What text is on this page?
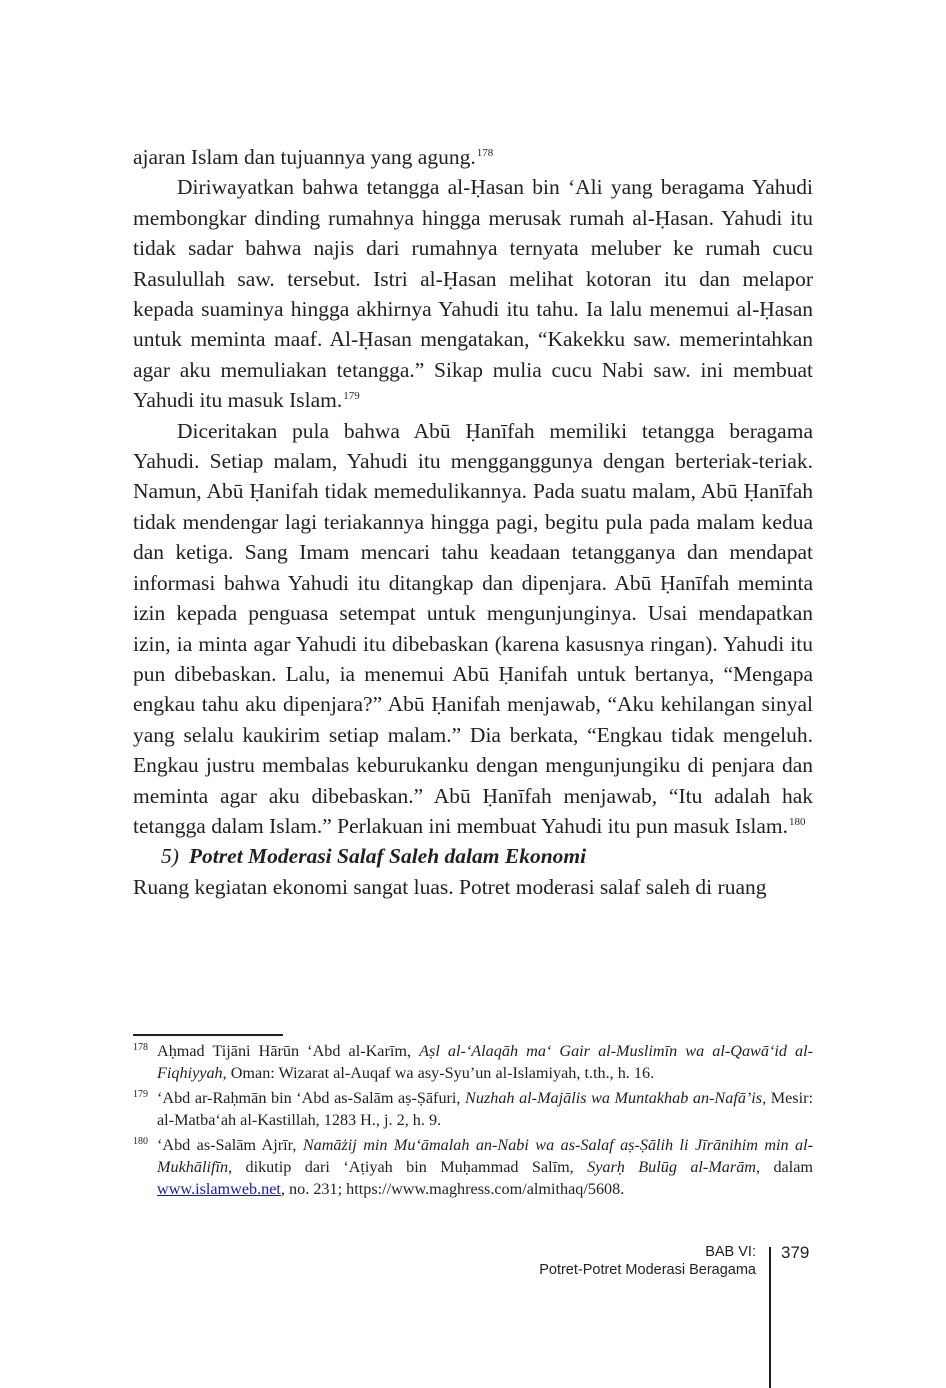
ajaran Islam dan tujuannya yang agung.$^{178}$

Diriwayatkan bahwa tetangga al-Ḥasan bin ‘Ali yang beragama Yahudi membongkar dinding rumahnya hingga merusak rumah al-Ḥasan. Yahudi itu tidak sadar bahwa najis dari rumahnya ternyata meluber ke rumah cucu Rasulullah saw. tersebut. Istri al-Ḥasan melihat kotoran itu dan melapor kepada suaminya hingga akhirnya Yahudi itu tahu. Ia lalu menemui al-Ḥasan untuk meminta maaf. Al-Ḥasan mengatakan, “Kakekku saw. memerintahkan agar aku memuliakan tetangga.” Sikap mulia cucu Nabi saw. ini membuat Yahudi itu masuk Islam.$^{179}$

Diceritakan pula bahwa Abū Ḥanīfah memiliki tetangga beragama Yahudi. Setiap malam, Yahudi itu mengganggunya dengan berteriak-teriak. Namun, Abū Ḥanifah tidak memedulikannya. Pada suatu malam, Abū Ḥanīfah tidak mendengar lagi teriakannya hingga pagi, begitu pula pada malam kedua dan ketiga. Sang Imam mencari tahu keadaan tetangganya dan mendapat informasi bahwa Yahudi itu ditangkap dan dipenjara. Abū Ḥanīfah meminta izin kepada penguasa setempat untuk mengunjunginya. Usai mendapatkan izin, ia minta agar Yahudi itu dibebaskan (karena kasusnya ringan). Yahudi itu pun dibebaskan. Lalu, ia menemui Abū Ḥanifah untuk bertanya, “Mengapa engkau tahu aku dipenjara?” Abū Ḥanifah menjawab, “Aku kehilangan sinyal yang selalu kaukirim setiap malam.” Dia berkata, “Engkau tidak mengeluh. Engkau justru membalas keburukanku dengan mengunjungiku di penjara dan meminta agar aku dibebaskan.” Abū Ḥanīfah menjawab, “Itu adalah hak tetangga dalam Islam.” Perlakuan ini membuat Yahudi itu pun masuk Islam.$^{180}$

5) Potret Moderasi Salaf Saleh dalam Ekonomi

Ruang kegiatan ekonomi sangat luas. Potret moderasi salaf saleh di ruang

178 Aḥmad Tijāni Hārūn ‘Abd al-Karīm, Aṣl al-‘Alaqāh ma‘ Gair al-Muslimīn wa al-Qawā‘id al-Fiqhiyyah, Oman: Wizarat al-Auqaf wa asy-Syu’un al-Islamiyah, t.th., h. 16.
179 ‘Abd ar-Raḥmān bin ‘Abd as-Salām aṣ-Ṣāfuri, Nuzhah al-Majālis wa Muntakhab an-Nafā’is, Mesir: al-Matba‘ah al-Kastillah, 1283 H., j. 2, h. 9.
180 ‘Abd as-Salām Ajrīr, Namāżij min Mu‘āmalah an-Nabi wa as-Salaf aṣ-Ṣālih li Jīrānihim min al-Mukhālifīn, dikutip dari ‘Aṭiyah bin Muḥammad Salīm, Syarḥ Bulūg al-Marām, dalam www.islamweb.net, no. 231; https://www.maghress.com/almithaq/5608.
BAB VI:
Potret-Potret Moderasi Beragama
379
